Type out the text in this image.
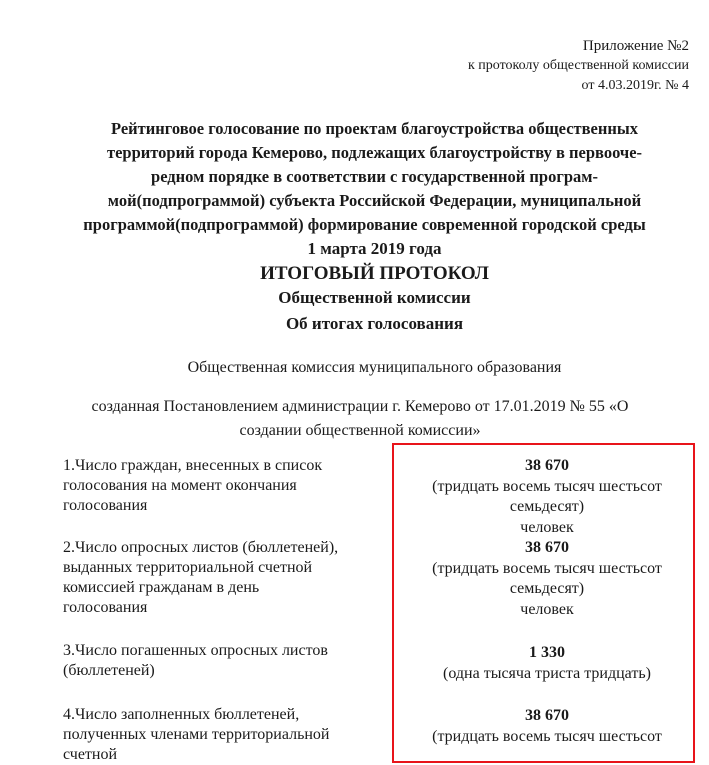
Приложение №2
к протоколу общественной комиссии
от 4.03.2019г. № 4
Рейтинговое голосование по проектам благоустройства общественных
территорий города Кемерово, подлежащих благоустройству в первооче-
редном порядке в соответствии с государственной програм-
мой(подпрограммой) субъекта Российской Федерации, муниципальной
программой(подпрограммой) формирование современной городской среды
1 марта 2019 года
ИТОГОВЫЙ ПРОТОКОЛ
Общественной комиссии
Об итогах голосования
Общественная комиссия муниципального образования
созданная Постановлением администрации г. Кемерово от 17.01.2019 № 55 «О
создании общественной комиссии»
1.Число граждан, внесенных в список
голосования на момент окончания
голосования
38 670
(тридцать восемь тысяч шестьсот
семьдесят)
человек
2.Число опросных листов (бюллетеней),
выданных территориальной счетной
комиссией гражданам в день
голосования
38 670
(тридцать восемь тысяч шестьсот
семьдесят)
человек
3.Число погашенных опросных листов
(бюллетеней)
1 330
(одна тысяча триста тридцать)
4.Число заполненных бюллетеней,
полученных членами территориальной
счетной
38 670
(тридцать восемь тысяч шестьсот
